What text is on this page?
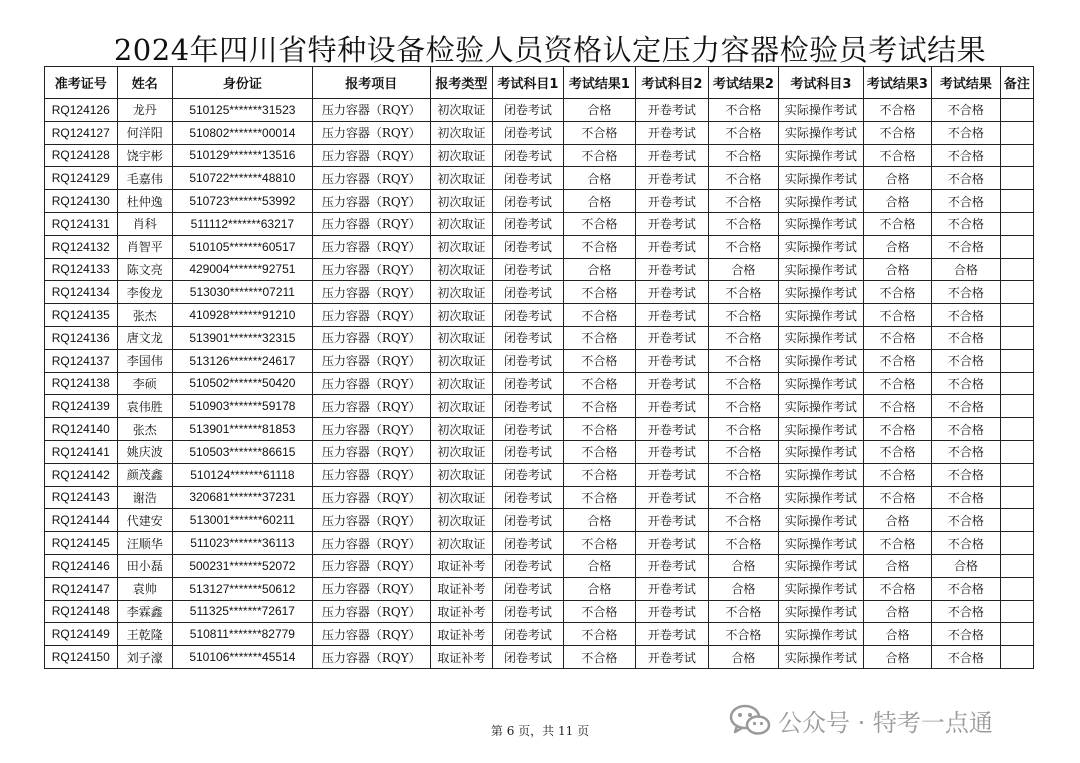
2024年四川省特种设备检验人员资格认定压力容器检验员考试结果
准考证号	姓名	身份证	报考项目	报考类型	考试科目1	考试结果1	考试科目2	考试结果2	考试科目3	考试结果3	考试结果	备注
RQ124126	龙丹	510125*******31523	压力容器（RQY）	初次取证	闭卷考试	合格	开卷考试	不合格	实际操作考试	不合格	不合格	
RQ124127	何洋阳	510802*******00014	压力容器（RQY）	初次取证	闭卷考试	不合格	开卷考试	不合格	实际操作考试	不合格	不合格	
RQ124128	饶宇彬	510129*******13516	压力容器（RQY）	初次取证	闭卷考试	不合格	开卷考试	不合格	实际操作考试	不合格	不合格	
RQ124129	毛嘉伟	510722*******48810	压力容器（RQY）	初次取证	闭卷考试	合格	开卷考试	不合格	实际操作考试	合格	不合格	
RQ124130	杜仲逸	510723*******53992	压力容器（RQY）	初次取证	闭卷考试	合格	开卷考试	不合格	实际操作考试	合格	不合格	
RQ124131	肖科	511112*******63217	压力容器（RQY）	初次取证	闭卷考试	不合格	开卷考试	不合格	实际操作考试	不合格	不合格	
RQ124132	肖智平	510105*******60517	压力容器（RQY）	初次取证	闭卷考试	不合格	开卷考试	不合格	实际操作考试	合格	不合格	
RQ124133	陈文亮	429004*******92751	压力容器（RQY）	初次取证	闭卷考试	合格	开卷考试	合格	实际操作考试	合格	合格	
RQ124134	李俊龙	513030*******07211	压力容器（RQY）	初次取证	闭卷考试	不合格	开卷考试	不合格	实际操作考试	不合格	不合格	
RQ124135	张杰	410928*******91210	压力容器（RQY）	初次取证	闭卷考试	不合格	开卷考试	不合格	实际操作考试	不合格	不合格	
RQ124136	唐文龙	513901*******32315	压力容器（RQY）	初次取证	闭卷考试	不合格	开卷考试	不合格	实际操作考试	不合格	不合格	
RQ124137	李国伟	513126*******24617	压力容器（RQY）	初次取证	闭卷考试	不合格	开卷考试	不合格	实际操作考试	不合格	不合格	
RQ124138	李硕	510502*******50420	压力容器（RQY）	初次取证	闭卷考试	不合格	开卷考试	不合格	实际操作考试	不合格	不合格	
RQ124139	袁伟胜	510903*******59178	压力容器（RQY）	初次取证	闭卷考试	不合格	开卷考试	不合格	实际操作考试	不合格	不合格	
RQ124140	张杰	513901*******81853	压力容器（RQY）	初次取证	闭卷考试	不合格	开卷考试	不合格	实际操作考试	不合格	不合格	
RQ124141	姚庆波	510503*******86615	压力容器（RQY）	初次取证	闭卷考试	不合格	开卷考试	不合格	实际操作考试	不合格	不合格	
RQ124142	颜茂鑫	510124*******61118	压力容器（RQY）	初次取证	闭卷考试	不合格	开卷考试	不合格	实际操作考试	不合格	不合格	
RQ124143	谢浩	320681*******37231	压力容器（RQY）	初次取证	闭卷考试	不合格	开卷考试	不合格	实际操作考试	不合格	不合格	
RQ124144	代建安	513001*******60211	压力容器（RQY）	初次取证	闭卷考试	合格	开卷考试	不合格	实际操作考试	合格	不合格	
RQ124145	汪顺华	511023*******36113	压力容器（RQY）	初次取证	闭卷考试	不合格	开卷考试	不合格	实际操作考试	不合格	不合格	
RQ124146	田小磊	500231*******52072	压力容器（RQY）	取证补考	闭卷考试	合格	开卷考试	合格	实际操作考试	合格	合格	
RQ124147	袁帅	513127*******50612	压力容器（RQY）	取证补考	闭卷考试	合格	开卷考试	合格	实际操作考试	不合格	不合格	
RQ124148	李霖鑫	511325*******72617	压力容器（RQY）	取证补考	闭卷考试	不合格	开卷考试	不合格	实际操作考试	合格	不合格	
RQ124149	王乾隆	510811*******82779	压力容器（RQY）	取证补考	闭卷考试	不合格	开卷考试	不合格	实际操作考试	合格	不合格	
RQ124150	刘子濠	510106*******45514	压力容器（RQY）	取证补考	闭卷考试	不合格	开卷考试	合格	实际操作考试	合格	不合格	
第 6 页，共 11 页	公众号 · 特考一点通
